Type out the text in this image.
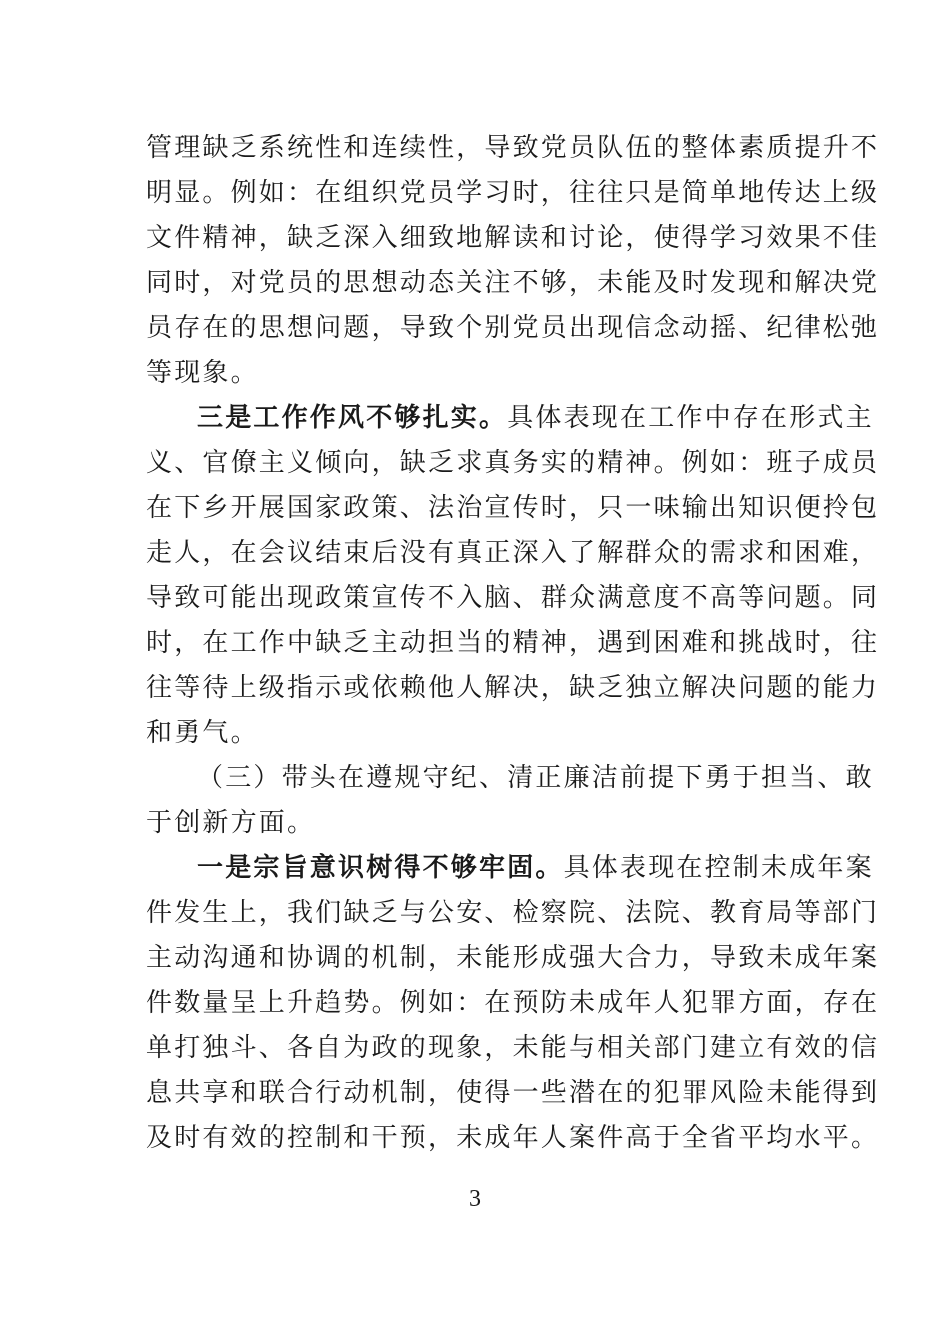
管理缺乏系统性和连续性，导致党员队伍的整体素质提升不
明显。例如：在组织党员学习时，往往只是简单地传达上级
文件精神，缺乏深入细致地解读和讨论，使得学习效果不佳
同时，对党员的思想动态关注不够，未能及时发现和解决党
员存在的思想问题，导致个别党员出现信念动摇、纪律松弛
等现象。
三是工作作风不够扎实。具体表现在工作中存在形式主
义、官僚主义倾向，缺乏求真务实的精神。例如：班子成员
在下乡开展国家政策、法治宣传时，只一味输出知识便拎包
走人，在会议结束后没有真正深入了解群众的需求和困难，
导致可能出现政策宣传不入脑、群众满意度不高等问题。同
时，在工作中缺乏主动担当的精神，遇到困难和挑战时，往
往等待上级指示或依赖他人解决，缺乏独立解决问题的能力
和勇气。
（三）带头在遵规守纪、清正廉洁前提下勇于担当、敢
于创新方面。
一是宗旨意识树得不够牢固。具体表现在控制未成年案
件发生上，我们缺乏与公安、检察院、法院、教育局等部门
主动沟通和协调的机制，未能形成强大合力，导致未成年案
件数量呈上升趋势。例如：在预防未成年人犯罪方面，存在
单打独斗、各自为政的现象，未能与相关部门建立有效的信
息共享和联合行动机制，使得一些潜在的犯罪风险未能得到
及时有效的控制和干预，未成年人案件高于全省平均水平。
3
